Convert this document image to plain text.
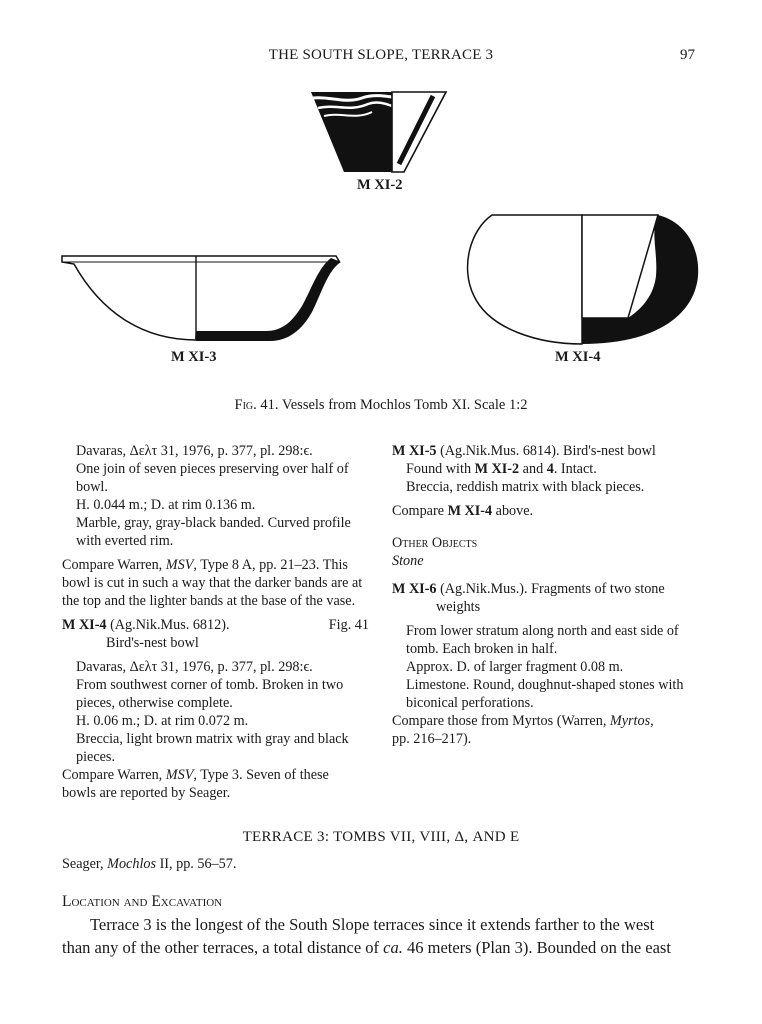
THE SOUTH SLOPE, TERRACE 3	97
M XI-2
M XI-3	M XI-4
Fig. 41. Vessels from Mochlos Tomb XI. Scale 1:2

Davaras, Δελτ 31, 1976, p. 377, pl. 298:ϵ.

One join of seven pieces preserving over half of

bowl.

H. 0.044 m.; D. at rim 0.136 m.

Marble, gray, gray-black banded. Curved profile

with everted rim.

Compare Warren, MSV, Type 8 A, pp. 21–23. This

bowl is cut in such a way that the darker bands are at

the top and the lighter bands at the base of the vase.

M XI-4 (Ag.Nik.Mus. 6812).	Fig. 41

Bird's-nest bowl

Davaras, Δελτ 31, 1976, p. 377, pl. 298:ϵ.

From southwest corner of tomb. Broken in two

pieces, otherwise complete.

H. 0.06 m.; D. at rim 0.072 m.

Breccia, light brown matrix with gray and black

pieces.

Compare Warren, MSV, Type 3. Seven of these

bowls are reported by Seager.

M XI-5 (Ag.Nik.Mus. 6814). Bird's-nest bowl

Found with M XI-2 and 4. Intact.

Breccia, reddish matrix with black pieces.

Compare M XI-4 above.

Other Objects

Stone

M XI-6 (Ag.Nik.Mus.). Fragments of two stone

weights

From lower stratum along north and east side of

tomb. Each broken in half.

Approx. D. of larger fragment 0.08 m.

Limestone. Round, doughnut-shaped stones with

biconical perforations.

Compare those from Myrtos (Warren, Myrtos,

pp. 216–217).

TERRACE 3: TOMBS VII, VIII, Δ, AND E
Seager, Mochlos II, pp. 56–57.
Location and Excavation
Terrace 3 is the longest of the South Slope terraces since it extends farther to the west
than any of the other terraces, a total distance of ca. 46 meters (Plan 3). Bounded on the east
